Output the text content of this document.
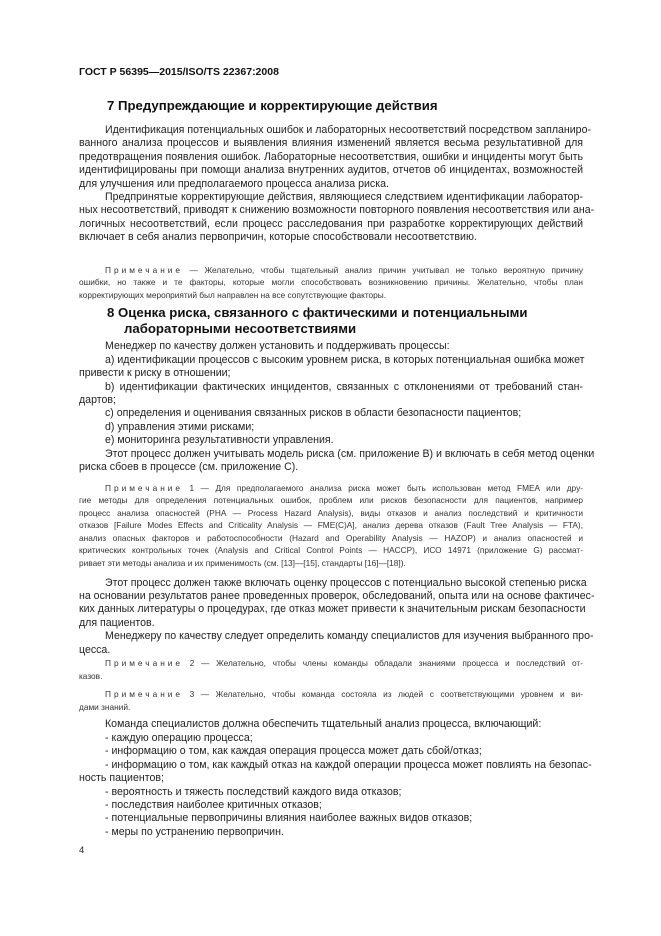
ГОСТ Р 56395—2015/ISO/TS 22367:2008
7 Предупреждающие и корректирующие действия
Идентификация потенциальных ошибок и лабораторных несоответствий посредством запланиро-
ванного анализа процессов и выявления влияния изменений является весьма результативной для
предотвращения появления ошибок. Лабораторные несоответствия, ошибки и инциденты могут быть
идентифицированы при помощи анализа внутренних аудитов, отчетов об инцидентах, возможностей
для улучшения или предполагаемого процесса анализа риска.
Предпринятые корректирующие действия, являющиеся следствием идентификации лаборатор-
ных несоответствий, приводят к снижению возможности повторного появления несоответствия или ана-
логичных несоответствий, если процесс расследования при разработке корректирующих действий
включает в себя анализ первопричин, которые способствовали несоответствию.
Примечание — Желательно, чтобы тщательный анализ причин учитывал не только вероятную причину
ошибки, но также и те факторы, которые могли способствовать возникновению причины. Желательно, чтобы план
корректирующих мероприятий был направлен на все сопутствующие факторы.
8 Оценка риска, связанного с фактическими и потенциальными
лабораторными несоответствиями
Менеджер по качеству должен установить и поддерживать процессы:
а) идентификации процессов с высоким уровнем риска, в которых потенциальная ошибка может
привести к риску в отношении;
b) идентификации фактических инцидентов, связанных с отклонениями от требований стан-
дартов;
с) определения и оценивания связанных рисков в области безопасности пациентов;
d) управления этими рисками;
е) мониторинга результативности управления.
Этот процесс должен учитывать модель риска (см. приложение В) и включать в себя метод оценки
риска сбоев в процессе (см. приложение С).
Примечание 1 — Для предполагаемого анализа риска может быть использован метод FMEA или дру-
гие методы для определения потенциальных ошибок, проблем или рисков безопасности для пациентов, например
процесс анализа опасностей (PHA — Process Hazard Analysis), виды отказов и анализ последствий и критичности
отказов [Failure Modes Effects and Criticality Analysis — FME(C)A], анализ дерева отказов (Fault Tree Analysis — FTA),
анализ опасных факторов и работоспособности (Hazard and Operability Analysis — HAZOP) и анализ опасностей и
критических контрольных точек (Analysis and Critical Control Points — HACCP), ИСО 14971 (приложение G) рассмат-
ривает эти методы анализа и их применимость (см. [13]—[15], стандарты [16]—[18]).
Этот процесс должен также включать оценку процессов с потенциально высокой степенью риска
на основании результатов ранее проведенных проверок, обследований, опыта или на основе фактичес-
ких данных литературы о процедурах, где отказ может привести к значительным рискам безопасности
для пациентов.
Менеджеру по качеству следует определить команду специалистов для изучения выбранного про-
цесса.
Примечание 2 — Желательно, чтобы члены команды обладали знаниями процесса и последствий от-
казов.
Примечание 3 — Желательно, чтобы команда состояла из людей с соответствующими уровнем и ви-
дами знаний.
Команда специалистов должна обеспечить тщательный анализ процесса, включающий:
- каждую операцию процесса;
- информацию о том, как каждая операция процесса может дать сбой/отказ;
- информацию о том, как каждый отказ на каждой операции процесса может повлиять на безопас-
ность пациентов;
- вероятность и тяжесть последствий каждого вида отказов;
- последствия наиболее критичных отказов;
- потенциальные первопричины влияния наиболее важных видов отказов;
- меры по устранению первопричин.
4
